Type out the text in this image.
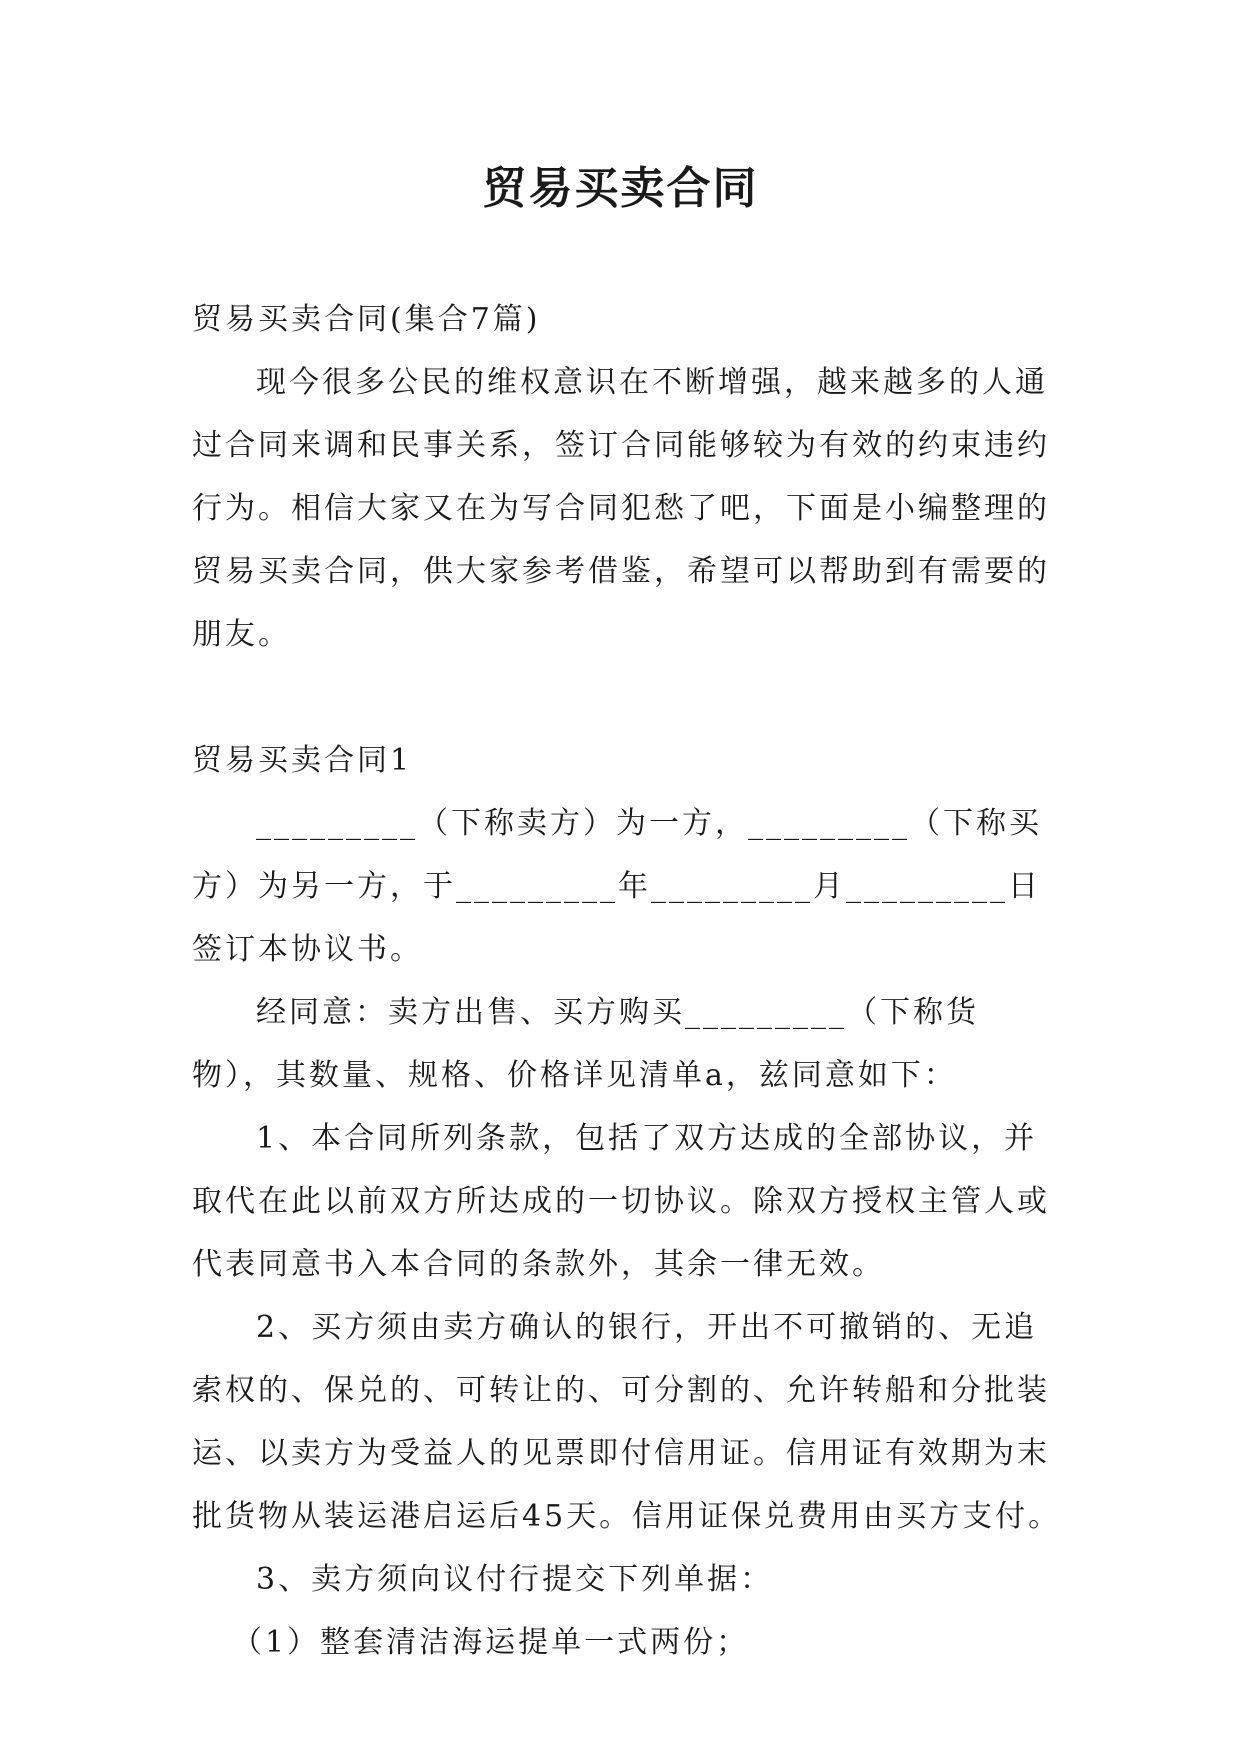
贸易买卖合同

贸易买卖合同(集合7篇)

现今很多公民的维权意识在不断增强，越来越多的人通过合同来调和民事关系，签订合同能够较为有效的约束违约行为。相信大家又在为写合同犯愁了吧，下面是小编整理的贸易买卖合同，供大家参考借鉴，希望可以帮助到有需要的朋友。

贸易买卖合同1

_________（下称卖方）为一方，_________（下称买方）为另一方，于_________年_________月_________日签订本协议书。

经同意：卖方出售、买方购买_________（下称货物），其数量、规格、价格详见清单a，兹同意如下：

1、本合同所列条款，包括了双方达成的全部协议，并取代在此以前双方所达成的一切协议。除双方授权主管人或代表同意书入本合同的条款外，其余一律无效。

2、买方须由卖方确认的银行，开出不可撤销的、无追索权的、保兑的、可转让的、可分割的、允许转船和分批装运、以卖方为受益人的见票即付信用证。信用证有效期为末批货物从装运港启运后45天。信用证保兑费用由买方支付。

3、卖方须向议付行提交下列单据：

（1）整套清洁海运提单一式两份；
